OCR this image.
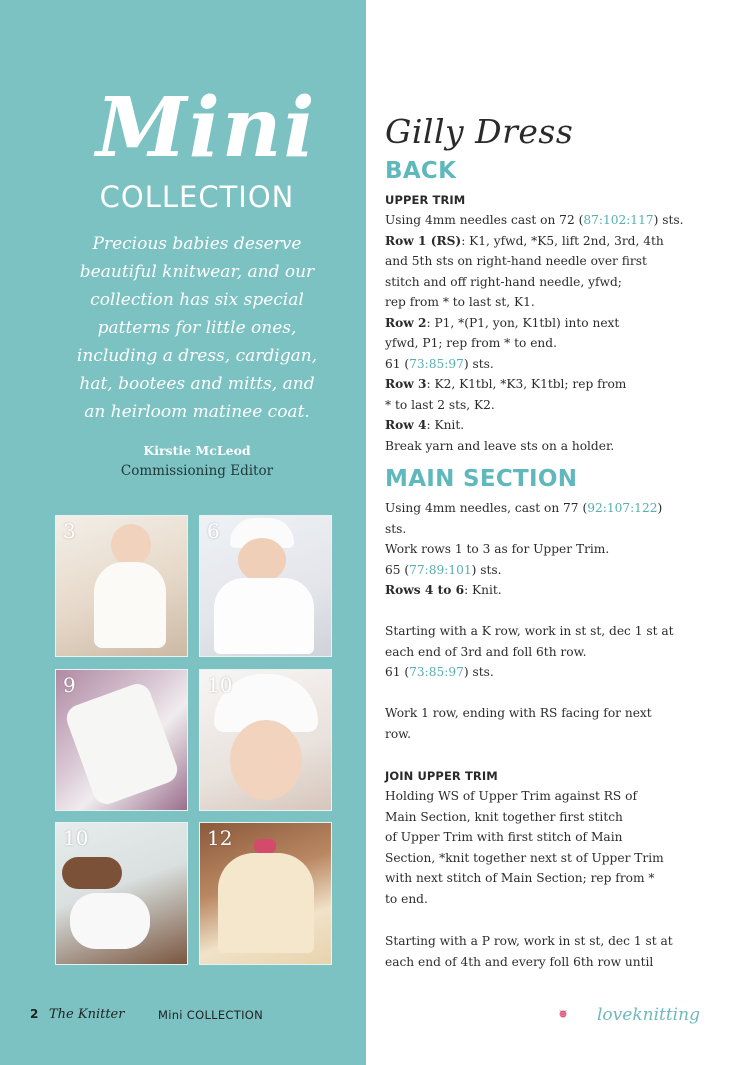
Mini
COLLECTION
Precious babies deserve
beautiful knitwear, and our
collection has six special
patterns for little ones,
including a dress, cardigan,
hat, bootees and mitts, and
an heirloom matinee coat.
Kirstie McLeod
Commissioning Editor
3	6
9	10
10	12
2 The Knitter	Mini COLLECTION
Gilly Dress
BACK
UPPER TRIM
Using 4mm needles cast on 72 (87:102:117) sts.
Row 1 (RS): K1, yfwd, *K5, lift 2nd, 3rd, 4th
and 5th sts on right-hand needle over first
stitch and off right-hand needle, yfwd;
rep from * to last st, K1.
Row 2: P1, *(P1, yon, K1tbl) into next
yfwd, P1; rep from * to end.
61 (73:85:97) sts.
Row 3: K2, K1tbl, *K3, K1tbl; rep from
* to last 2 sts, K2.
Row 4: Knit.
Break yarn and leave sts on a holder.
MAIN SECTION
Using 4mm needles, cast on 77 (92:107:122)
sts.
Work rows 1 to 3 as for Upper Trim.
65 (77:89:101) sts.
Rows 4 to 6: Knit.
Starting with a K row, work in st st, dec 1 st at
each end of 3rd and foll 6th row.
61 (73:85:97) sts.
Work 1 row, ending with RS facing for next
row.
JOIN UPPER TRIM
Holding WS of Upper Trim against RS of
Main Section, knit together first stitch
of Upper Trim with first stitch of Main
Section, *knit together next st of Upper Trim
with next stitch of Main Section; rep from *
to end.
Starting with a P row, work in st st, dec 1 st at
each end of 4th and every foll 6th row until
loveknitting
